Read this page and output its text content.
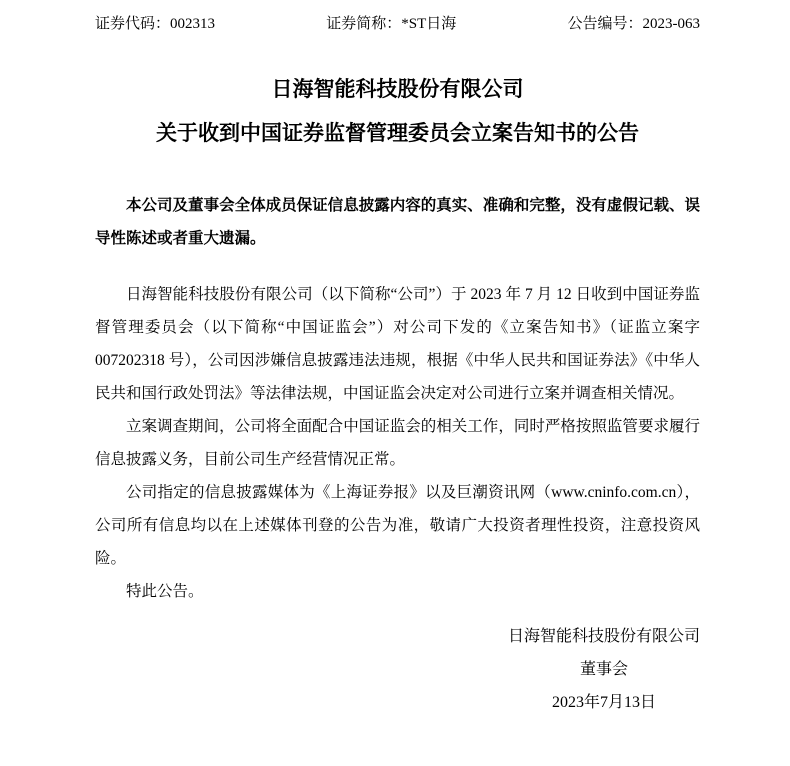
证券代码：002313	证券简称：*ST日海	公告编号：2023-063
日海智能科技股份有限公司
关于收到中国证券监督管理委员会立案告知书的公告

本公司及董事会全体成员保证信息披露内容的真实、准确和完整，没有虚假记载、误导性陈述或者重大遗漏。

日海智能科技股份有限公司（以下简称“公司”）于 2023 年 7 月 12 日收到中国证券监督管理委员会（以下简称“中国证监会”）对公司下发的《立案告知书》（证监立案字 007202318 号），公司因涉嫌信息披露违法违规，根据《中华人民共和国证券法》《中华人民共和国行政处罚法》等法律法规，中国证监会决定对公司进行立案并调查相关情况。

立案调查期间，公司将全面配合中国证监会的相关工作，同时严格按照监管要求履行信息披露义务，目前公司生产经营情况正常。

公司指定的信息披露媒体为《上海证券报》以及巨潮资讯网（www.cninfo.com.cn），公司所有信息均以在上述媒体刊登的公告为准，敬请广大投资者理性投资，注意投资风险。

特此公告。

日海智能科技股份有限公司
董事会
2023年7月13日
